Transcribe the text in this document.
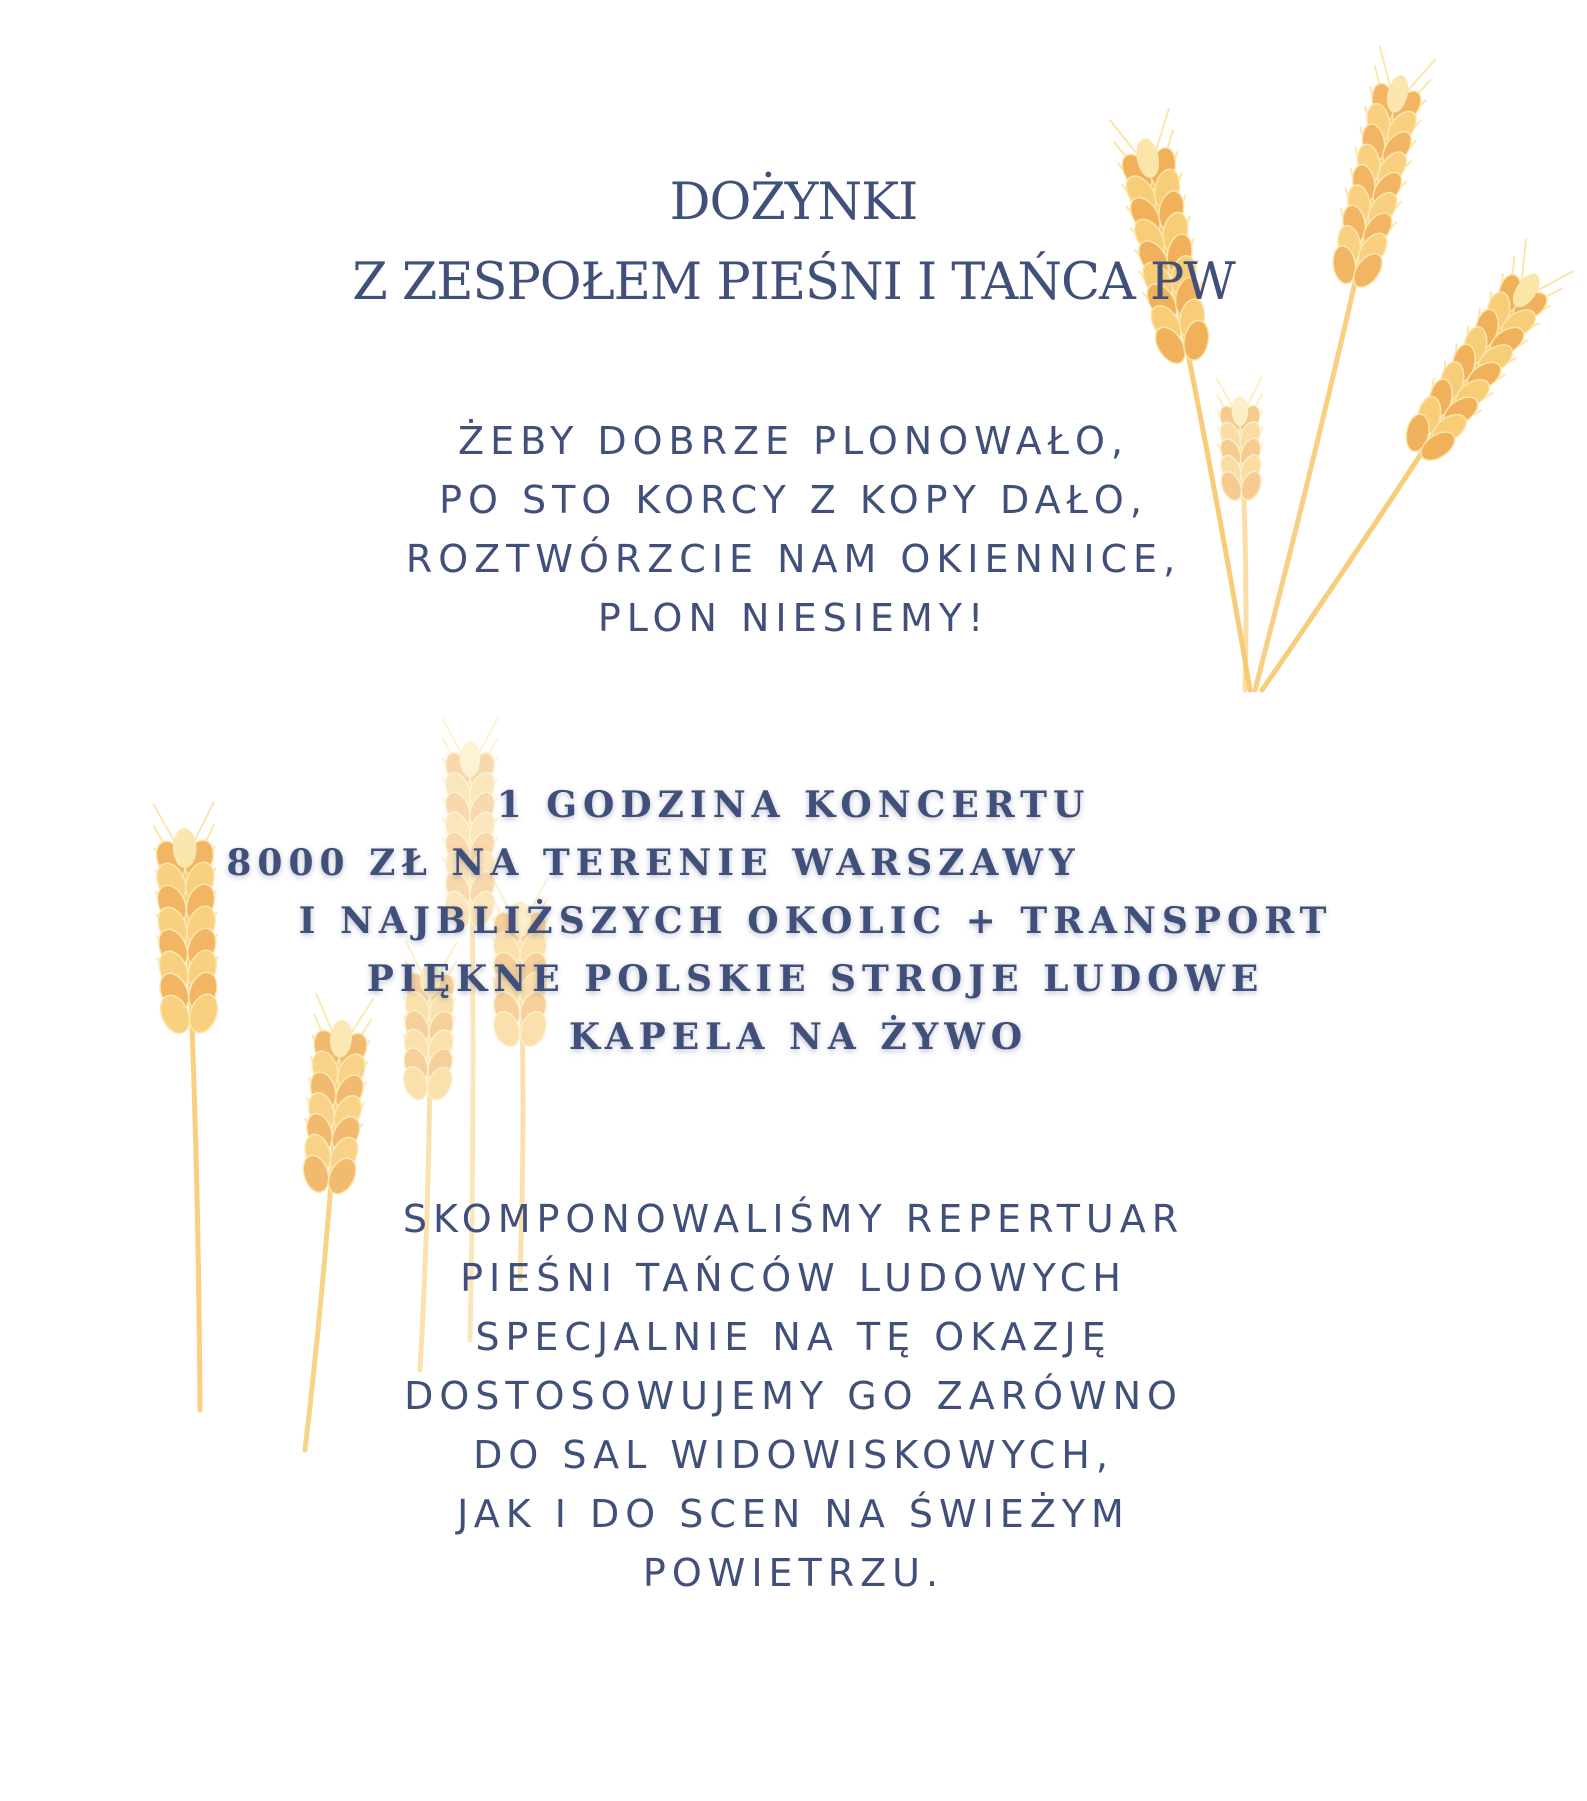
DOŻYNKI
Z ZESPOŁEM PIEŚNI I TAŃCA PW
ŻEBY DOBRZE PLONOWAŁO,
PO STO KORCY Z KOPY DAŁO,
ROZTWÓRZCIE NAM OKIENNICE,
PLON NIESIEMY!
1 GODZINA KONCERTU
8000 ZŁ NA TERENIE WARSZAWY
I NAJBLIŻSZYCH OKOLIC + TRANSPORT
PIĘKNE POLSKIE STROJE LUDOWE
KAPELA NA ŻYWO
SKOMPONOWALIŚMY REPERTUAR
PIEŚNI TAŃCÓW LUDOWYCH
SPECJALNIE NA TĘ OKAZJĘ
DOSTOSOWUJEMY GO ZARÓWNO
DO SAL WIDOWISKOWYCH,
JAK I DO SCEN NA ŚWIEŻYM
POWIETRZU.
